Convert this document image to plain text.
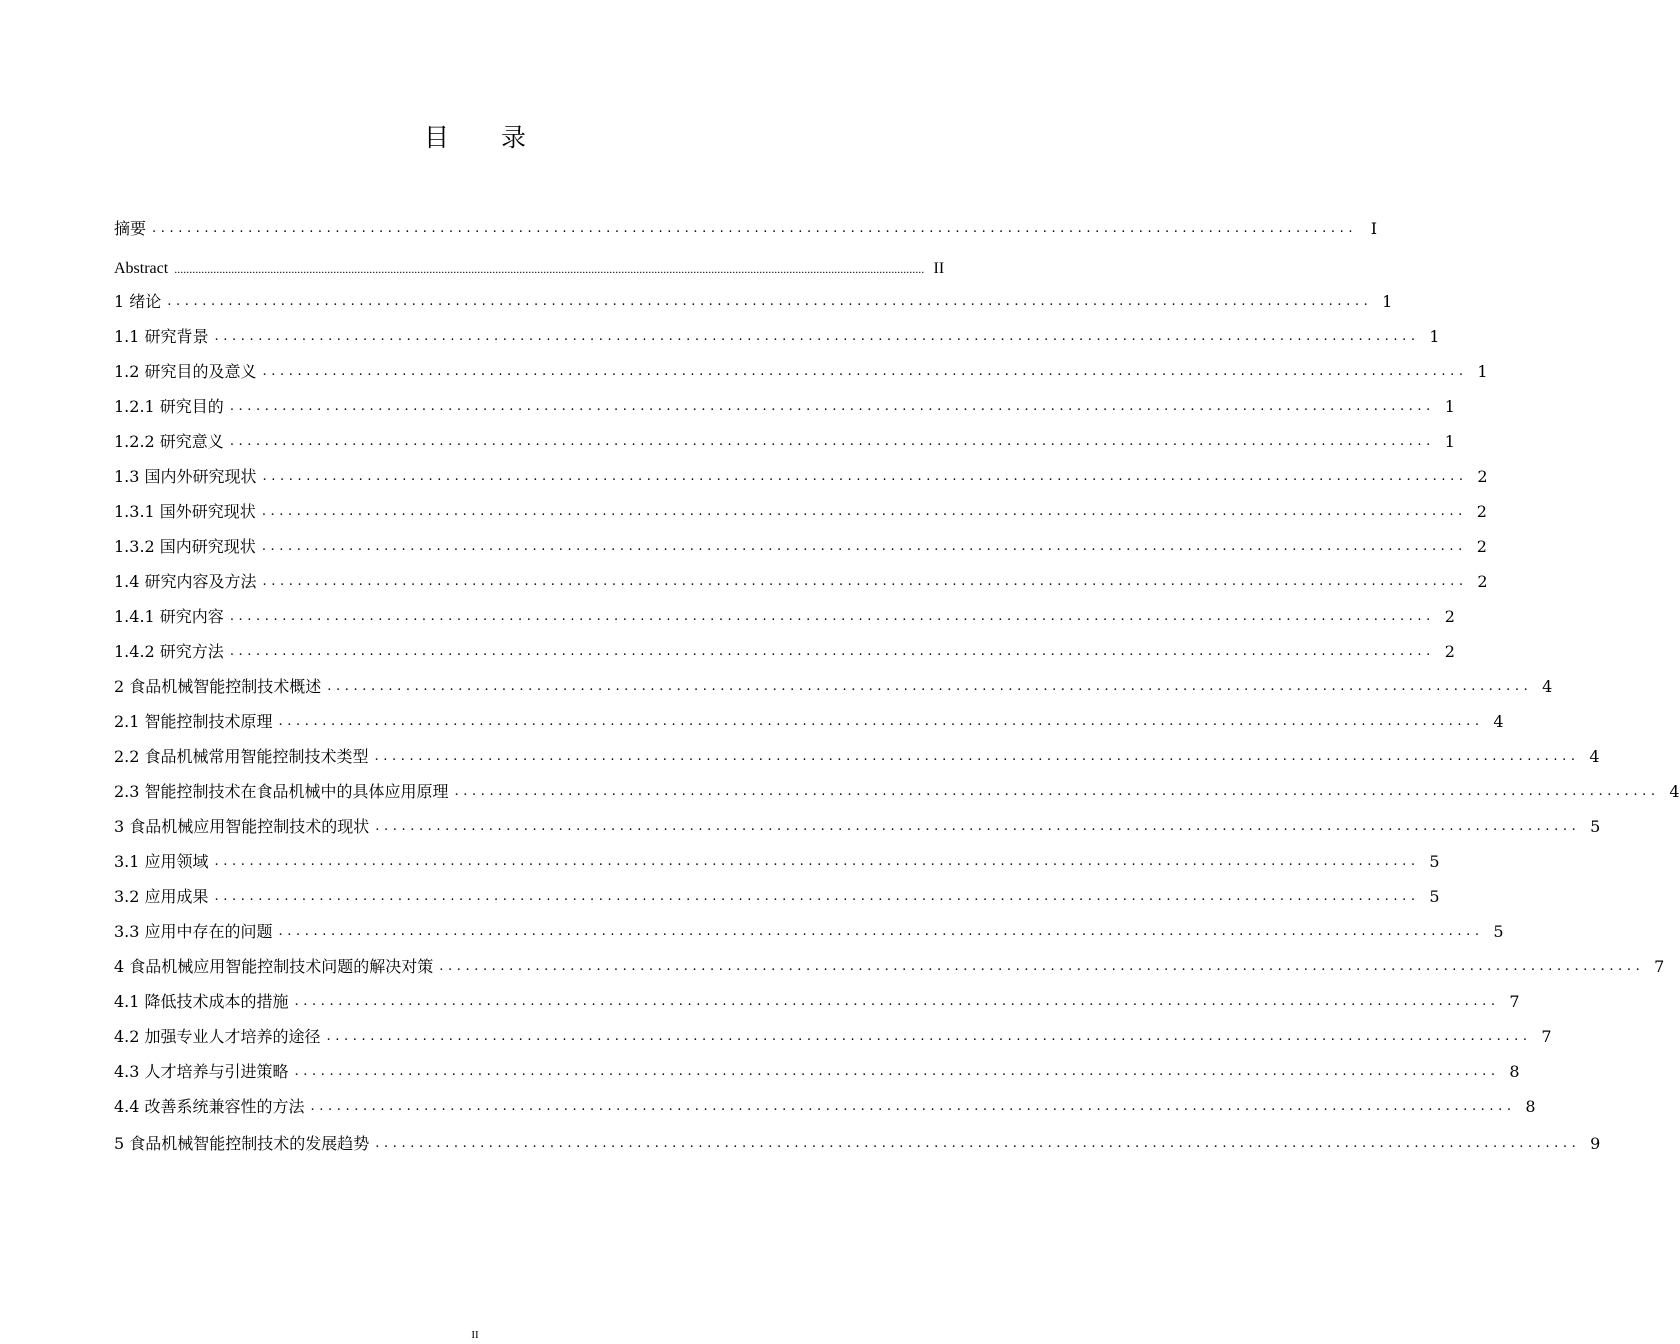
目 录
摘要 .......................................................................................................................................... I
Abstract .......................................................................................................................................................................................................................................................... II
1 绪论 .......................................................................................................................................... 1
1.1 研究背景 .......................................................................................................................................... 1
1.2 研究目的及意义 .......................................................................................................................................... 1
1.2.1 研究目的 .......................................................................................................................................... 1
1.2.2 研究意义 .......................................................................................................................................... 1
1.3 国内外研究现状 .......................................................................................................................................... 2
1.3.1 国外研究现状 .......................................................................................................................................... 2
1.3.2 国内研究现状 .......................................................................................................................................... 2
1.4 研究内容及方法 .......................................................................................................................................... 2
1.4.1 研究内容 .......................................................................................................................................... 2
1.4.2 研究方法 .......................................................................................................................................... 2
2 食品机械智能控制技术概述 .......................................................................................................................................... 4
2.1 智能控制技术原理 .......................................................................................................................................... 4
2.2 食品机械常用智能控制技术类型 .......................................................................................................................................... 4
2.3 智能控制技术在食品机械中的具体应用原理 .......................................................................................................................................... 4
3 食品机械应用智能控制技术的现状 .......................................................................................................................................... 5
3.1 应用领域 .......................................................................................................................................... 5
3.2 应用成果 .......................................................................................................................................... 5
3.3 应用中存在的问题 .......................................................................................................................................... 5
4 食品机械应用智能控制技术问题的解决对策 .......................................................................................................................................... 7
4.1 降低技术成本的措施 .......................................................................................................................................... 7
4.2 加强专业人才培养的途径 .......................................................................................................................................... 7
4.3 人才培养与引进策略 .......................................................................................................................................... 8
4.4 改善系统兼容性的方法 .......................................................................................................................................... 8
5 食品机械智能控制技术的发展趋势 .......................................................................................................................................... 9
II
